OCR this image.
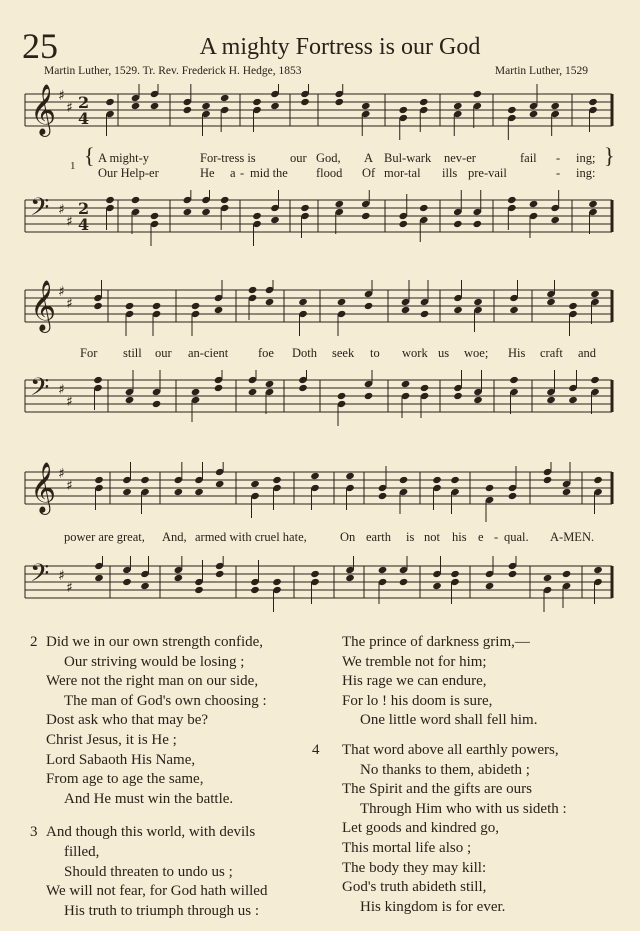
25	A mighty Fortress is our God
Martin Luther, 1529. Tr. Rev. Frederick H. Hedge, 1853	Martin Luther, 1529
𝄞 ♯
♯ 2
4
1 { A might-y	For-tress is	our God, A Bul-wark nev-er	fail - ing; }
Our Help-er	He a - mid the flood Of mor-tal ills pre-vail	- ing:
𝄢 ♯
♯
2
4
𝄞 ♯
♯
For still our an-cient foe Doth seek to work us woe; His craft and
𝄢 ♯
♯
𝄞 ♯
♯
power are great, And, armed with cruel hate,	On earth is not his e - qual. A-MEN.
𝄢 ♯
♯
2 Did we in our own strength confide,
Our striving would be losing ;
Were not the right man on our side,
The man of God's own choosing :
Dost ask who that may be?
Christ Jesus, it is He ;
Lord Sabaoth His Name,
From age to age the same,
And He must win the battle.
3 And though this world, with devils
filled,
Should threaten to undo us ;
We will not fear, for God hath willed
His truth to triumph through us :
The prince of darkness grim,—
We tremble not for him;
His rage we can endure,
For lo ! his doom is sure,
One little word shall fell him.
4	That word above all earthly powers,
No thanks to them, abideth ;
The Spirit and the gifts are ours
Through Him who with us sideth :
Let goods and kindred go,
This mortal life also ;
The body they may kill:
God's truth abideth still,
His kingdom is for ever.
